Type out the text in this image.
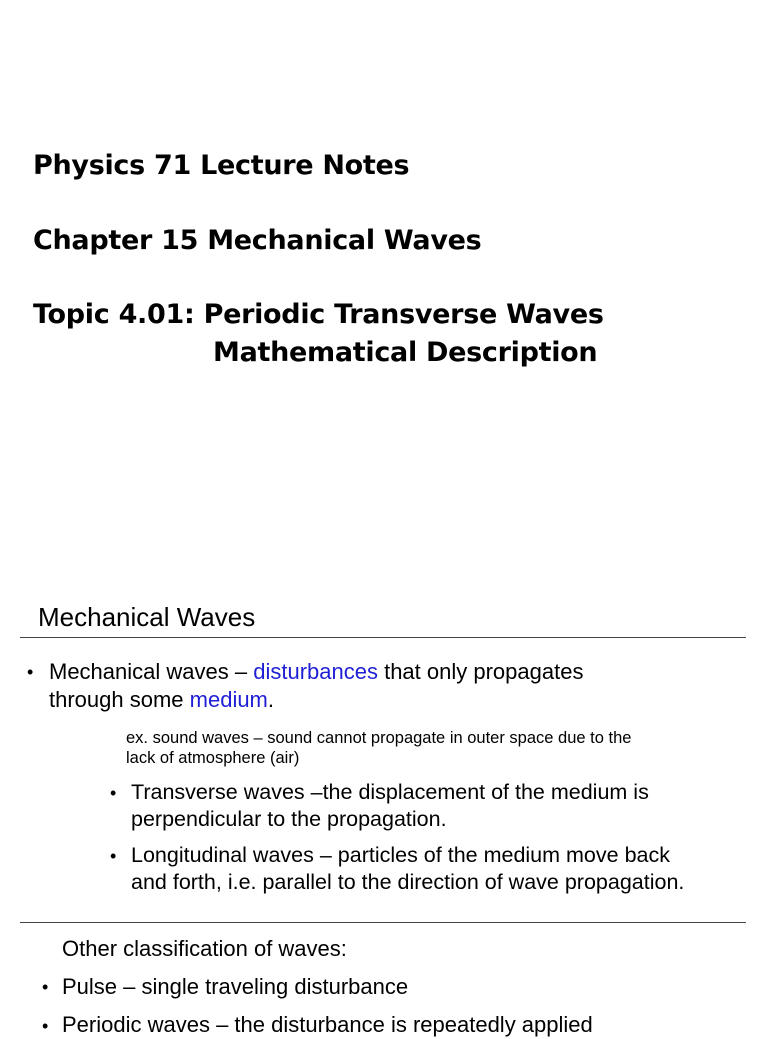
Physics 71 Lecture Notes
Chapter 15 Mechanical Waves
Topic 4.01: Periodic Transverse Waves
Mathematical Description
Mechanical Waves
• Mechanical waves – disturbances that only propagates
through some medium.
ex. sound waves – sound cannot propagate in outer space due to the
lack of atmosphere (air)
• Transverse waves –the displacement of the medium is
perpendicular to the propagation.
• Longitudinal waves – particles of the medium move back
and forth, i.e. parallel to the direction of wave propagation.
Other classification of waves:
• Pulse – single traveling disturbance
• Periodic waves – the disturbance is repeatedly applied
